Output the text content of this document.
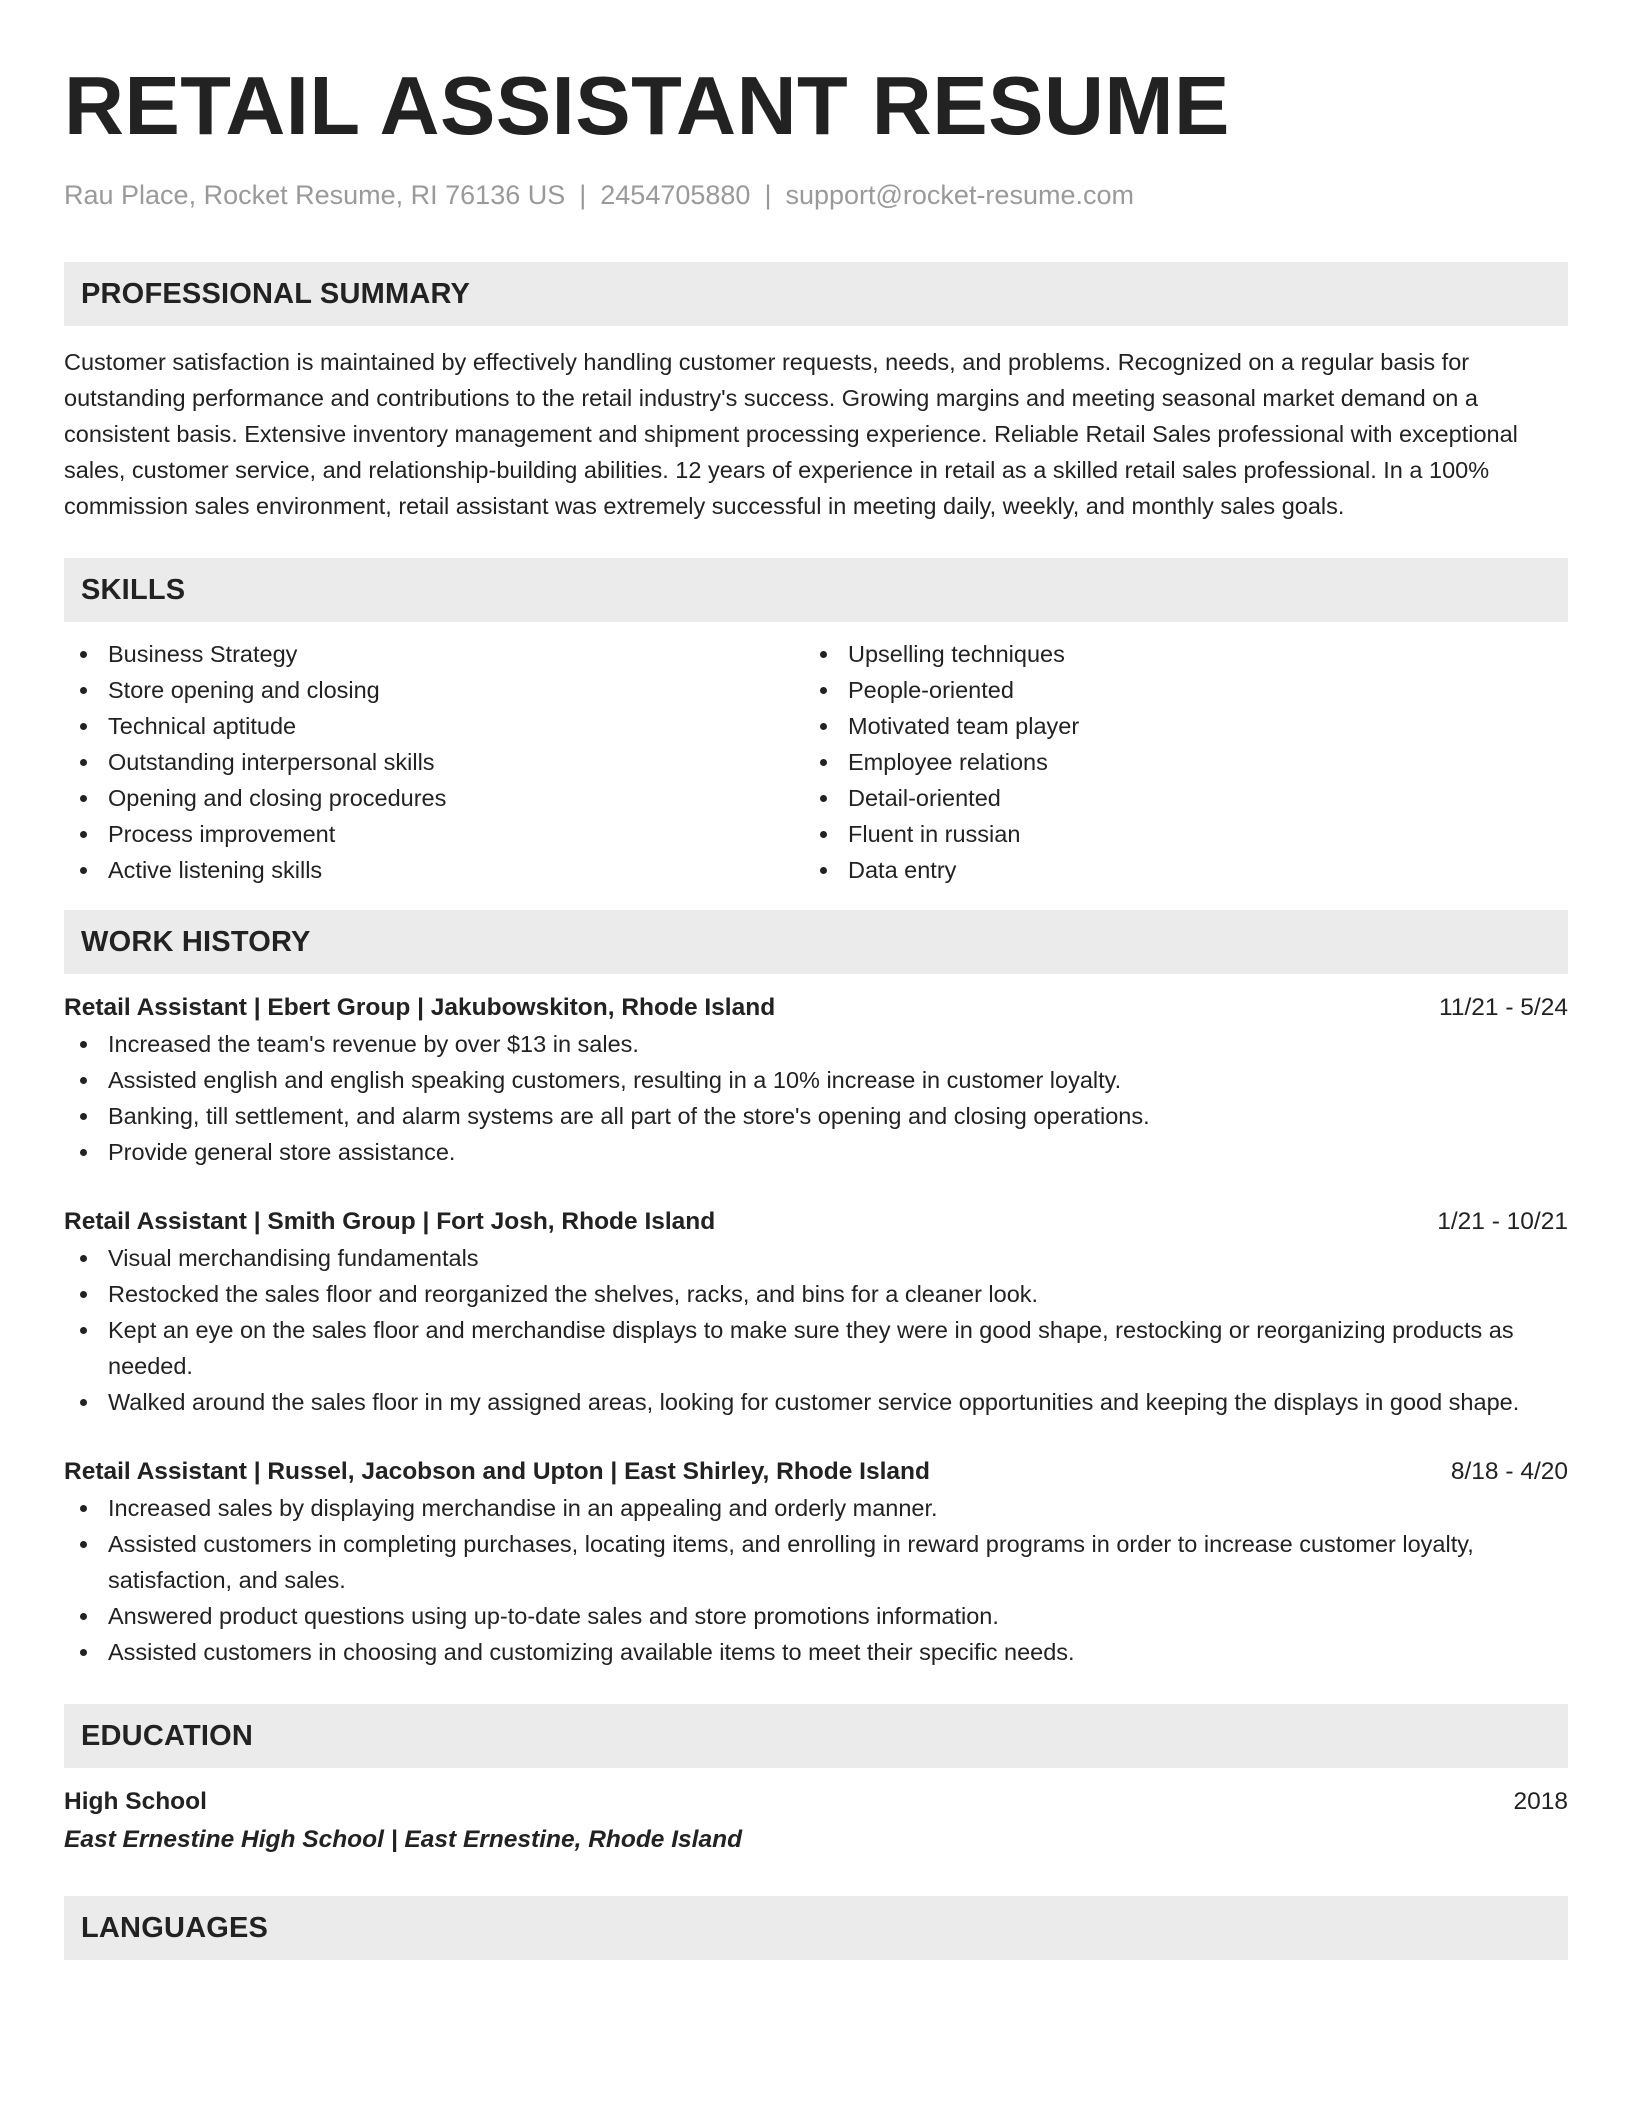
RETAIL ASSISTANT RESUME
Rau Place, Rocket Resume, RI 76136 US | 2454705880 | support@rocket-resume.com
PROFESSIONAL SUMMARY
Customer satisfaction is maintained by effectively handling customer requests, needs, and problems. Recognized on a regular basis for outstanding performance and contributions to the retail industry's success. Growing margins and meeting seasonal market demand on a consistent basis. Extensive inventory management and shipment processing experience. Reliable Retail Sales professional with exceptional sales, customer service, and relationship-building abilities. 12 years of experience in retail as a skilled retail sales professional. In a 100% commission sales environment, retail assistant was extremely successful in meeting daily, weekly, and monthly sales goals.
SKILLS
Business Strategy
Store opening and closing
Technical aptitude
Outstanding interpersonal skills
Opening and closing procedures
Process improvement
Active listening skills
Upselling techniques
People-oriented
Motivated team player
Employee relations
Detail-oriented
Fluent in russian
Data entry
WORK HISTORY
Retail Assistant | Ebert Group | Jakubowskiton, Rhode Island	11/21 - 5/24
Increased the team's revenue by over $13 in sales.
Assisted english and english speaking customers, resulting in a 10% increase in customer loyalty.
Banking, till settlement, and alarm systems are all part of the store's opening and closing operations.
Provide general store assistance.
Retail Assistant | Smith Group | Fort Josh, Rhode Island	1/21 - 10/21
Visual merchandising fundamentals
Restocked the sales floor and reorganized the shelves, racks, and bins for a cleaner look.
Kept an eye on the sales floor and merchandise displays to make sure they were in good shape, restocking or reorganizing products as needed.
Walked around the sales floor in my assigned areas, looking for customer service opportunities and keeping the displays in good shape.
Retail Assistant | Russel, Jacobson and Upton | East Shirley, Rhode Island	8/18 - 4/20
Increased sales by displaying merchandise in an appealing and orderly manner.
Assisted customers in completing purchases, locating items, and enrolling in reward programs in order to increase customer loyalty, satisfaction, and sales.
Answered product questions using up-to-date sales and store promotions information.
Assisted customers in choosing and customizing available items to meet their specific needs.
EDUCATION
High School	2018
East Ernestine High School | East Ernestine, Rhode Island
LANGUAGES
